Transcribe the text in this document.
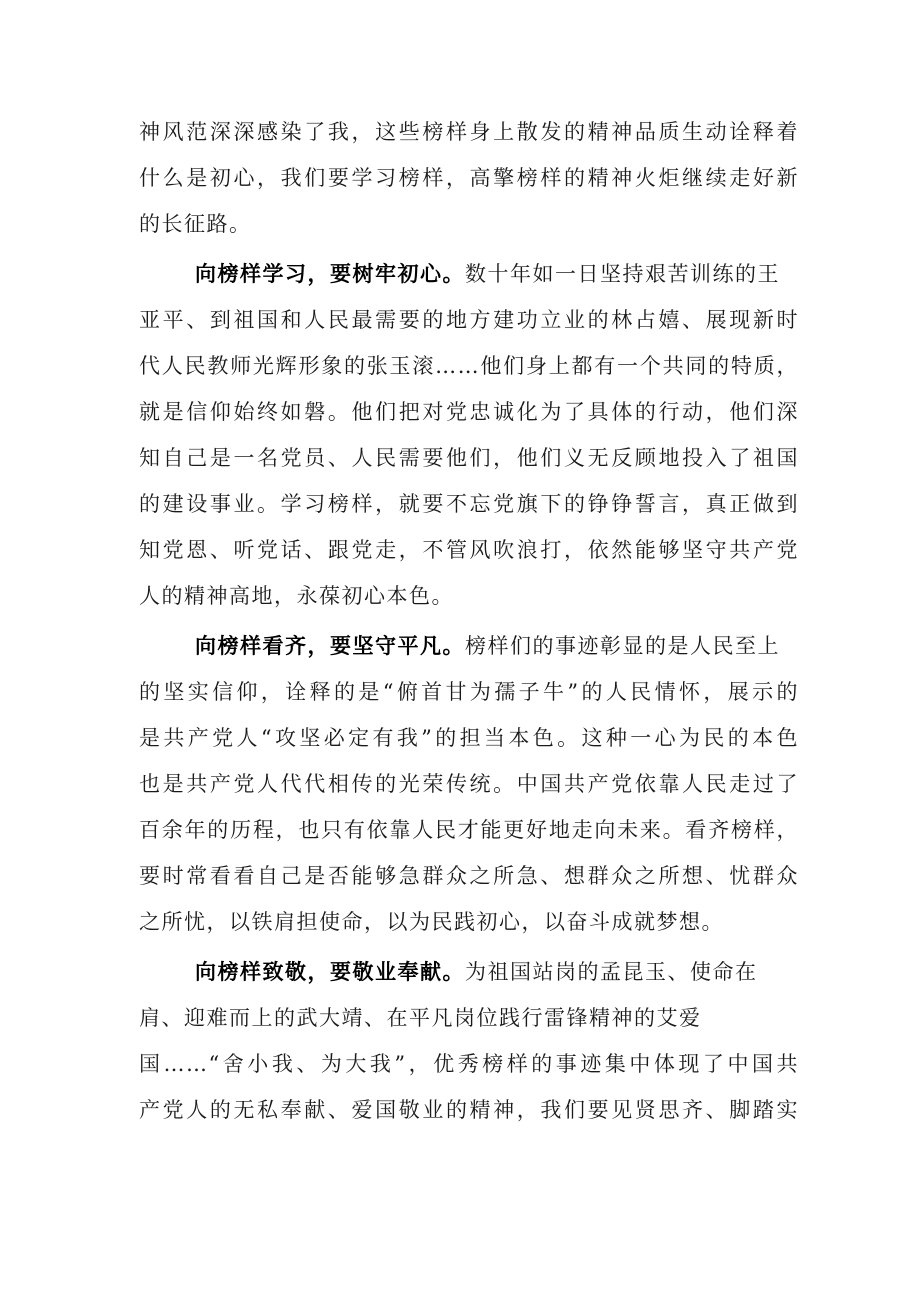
神风范深深感染了我，这些榜样身上散发的精神品质生动诠释着
什么是初心，我们要学习榜样，高擎榜样的精神火炬继续走好新
的长征路。
向榜样学习，要树牢初心。数十年如一日坚持艰苦训练的王
亚平、到祖国和人民最需要的地方建功立业的林占嬉、展现新时
代人民教师光辉形象的张玉滚……他们身上都有一个共同的特质，
就是信仰始终如磐。他们把对党忠诚化为了具体的行动，他们深
知自己是一名党员、人民需要他们，他们义无反顾地投入了祖国
的建设事业。学习榜样，就要不忘党旗下的铮铮誓言，真正做到
知党恩、听党话、跟党走，不管风吹浪打，依然能够坚守共产党
人的精神高地，永葆初心本色。
向榜样看齐，要坚守平凡。榜样们的事迹彰显的是人民至上
的坚实信仰，诠释的是“俯首甘为孺子牛”的人民情怀，展示的
是共产党人“攻坚必定有我”的担当本色。这种一心为民的本色
也是共产党人代代相传的光荣传统。中国共产党依靠人民走过了
百余年的历程，也只有依靠人民才能更好地走向未来。看齐榜样，
要时常看看自己是否能够急群众之所急、想群众之所想、忧群众
之所忧，以铁肩担使命，以为民践初心，以奋斗成就梦想。
向榜样致敬，要敬业奉献。为祖国站岗的孟昆玉、使命在
肩、迎难而上的武大靖、在平凡岗位践行雷锋精神的艾爱
国……“舍小我、为大我”，优秀榜样的事迹集中体现了中国共
产党人的无私奉献、爱国敬业的精神，我们要见贤思齐、脚踏实
